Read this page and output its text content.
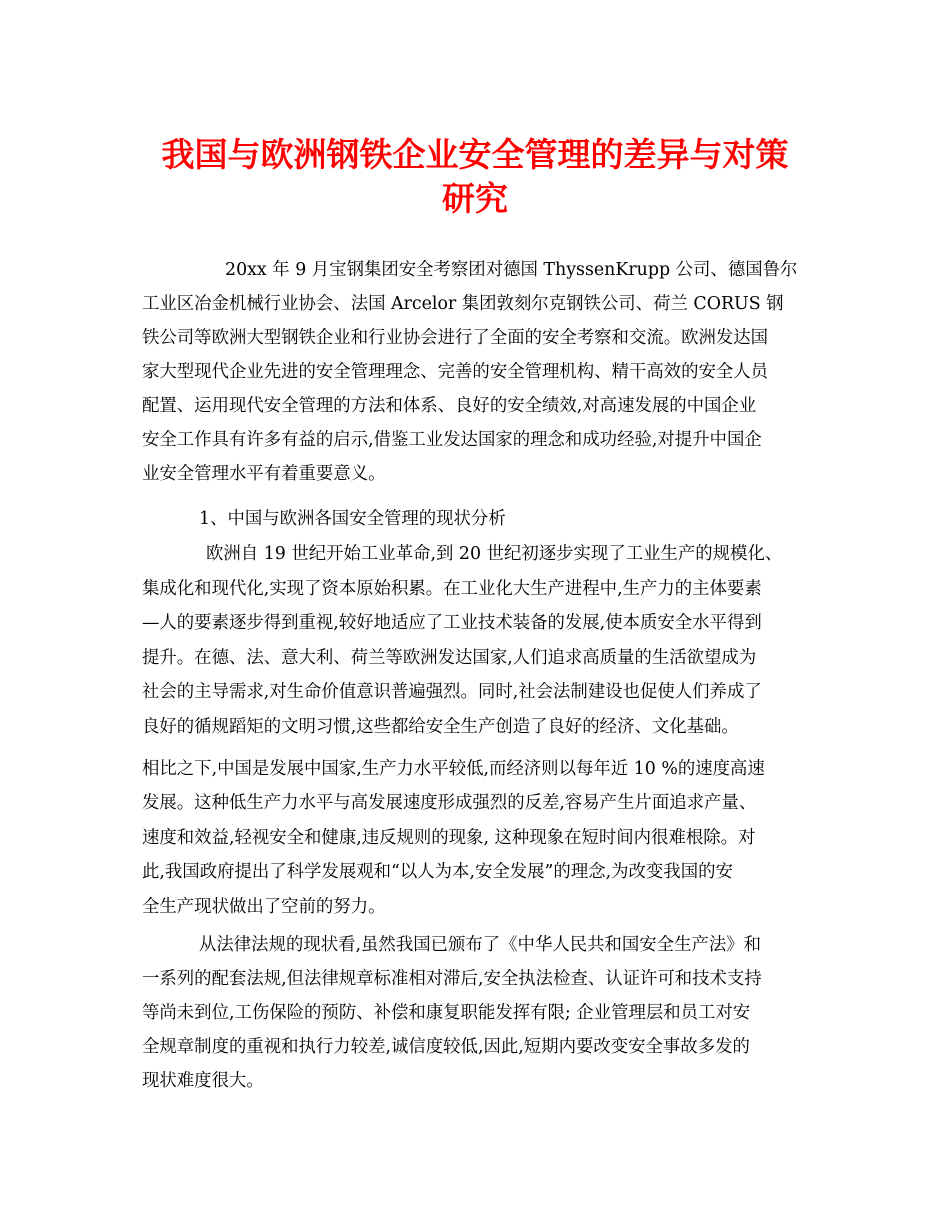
我国与欧洲钢铁企业安全管理的差异与对策
研究
20xx 年 9 月宝钢集团安全考察团对德国 ThyssenKrupp 公司、德国鲁尔
工业区冶金机械行业协会、法国 Arcelor 集团敦刻尔克钢铁公司、荷兰 CORUS 钢
铁公司等欧洲大型钢铁企业和行业协会进行了全面的安全考察和交流。欧洲发达国
家大型现代企业先进的安全管理理念、完善的安全管理机构、精干高效的安全人员
配置、运用现代安全管理的方法和体系、良好的安全绩效,对高速发展的中国企业
安全工作具有许多有益的启示,借鉴工业发达国家的理念和成功经验,对提升中国企
业安全管理水平有着重要意义。
1、中国与欧洲各国安全管理的现状分析
欧洲自 19 世纪开始工业革命,到 20 世纪初逐步实现了工业生产的规模化、
集成化和现代化,实现了资本原始积累。在工业化大生产进程中,生产力的主体要素
—人的要素逐步得到重视,较好地适应了工业技术装备的发展,使本质安全水平得到
提升。在德、法、意大利、荷兰等欧洲发达国家,人们追求高质量的生活欲望成为
社会的主导需求,对生命价值意识普遍强烈。同时,社会法制建设也促使人们养成了
良好的循规蹈矩的文明习惯,这些都给安全生产创造了良好的经济、文化基础。
相比之下,中国是发展中国家,生产力水平较低,而经济则以每年近 10 %的速度高速
发展。这种低生产力水平与高发展速度形成强烈的反差,容易产生片面追求产量、
速度和效益,轻视安全和健康,违反规则的现象, 这种现象在短时间内很难根除。对
此,我国政府提出了科学发展观和“以人为本,安全发展”的理念,为改变我国的安
全生产现状做出了空前的努力。
从法律法规的现状看,虽然我国已颁布了《中华人民共和国安全生产法》和
一系列的配套法规,但法律规章标准相对滞后,安全执法检查、认证许可和技术支持
等尚未到位,工伤保险的预防、补偿和康复职能发挥有限; 企业管理层和员工对安
全规章制度的重视和执行力较差,诚信度较低,因此,短期内要改变安全事故多发的
现状难度很大。
